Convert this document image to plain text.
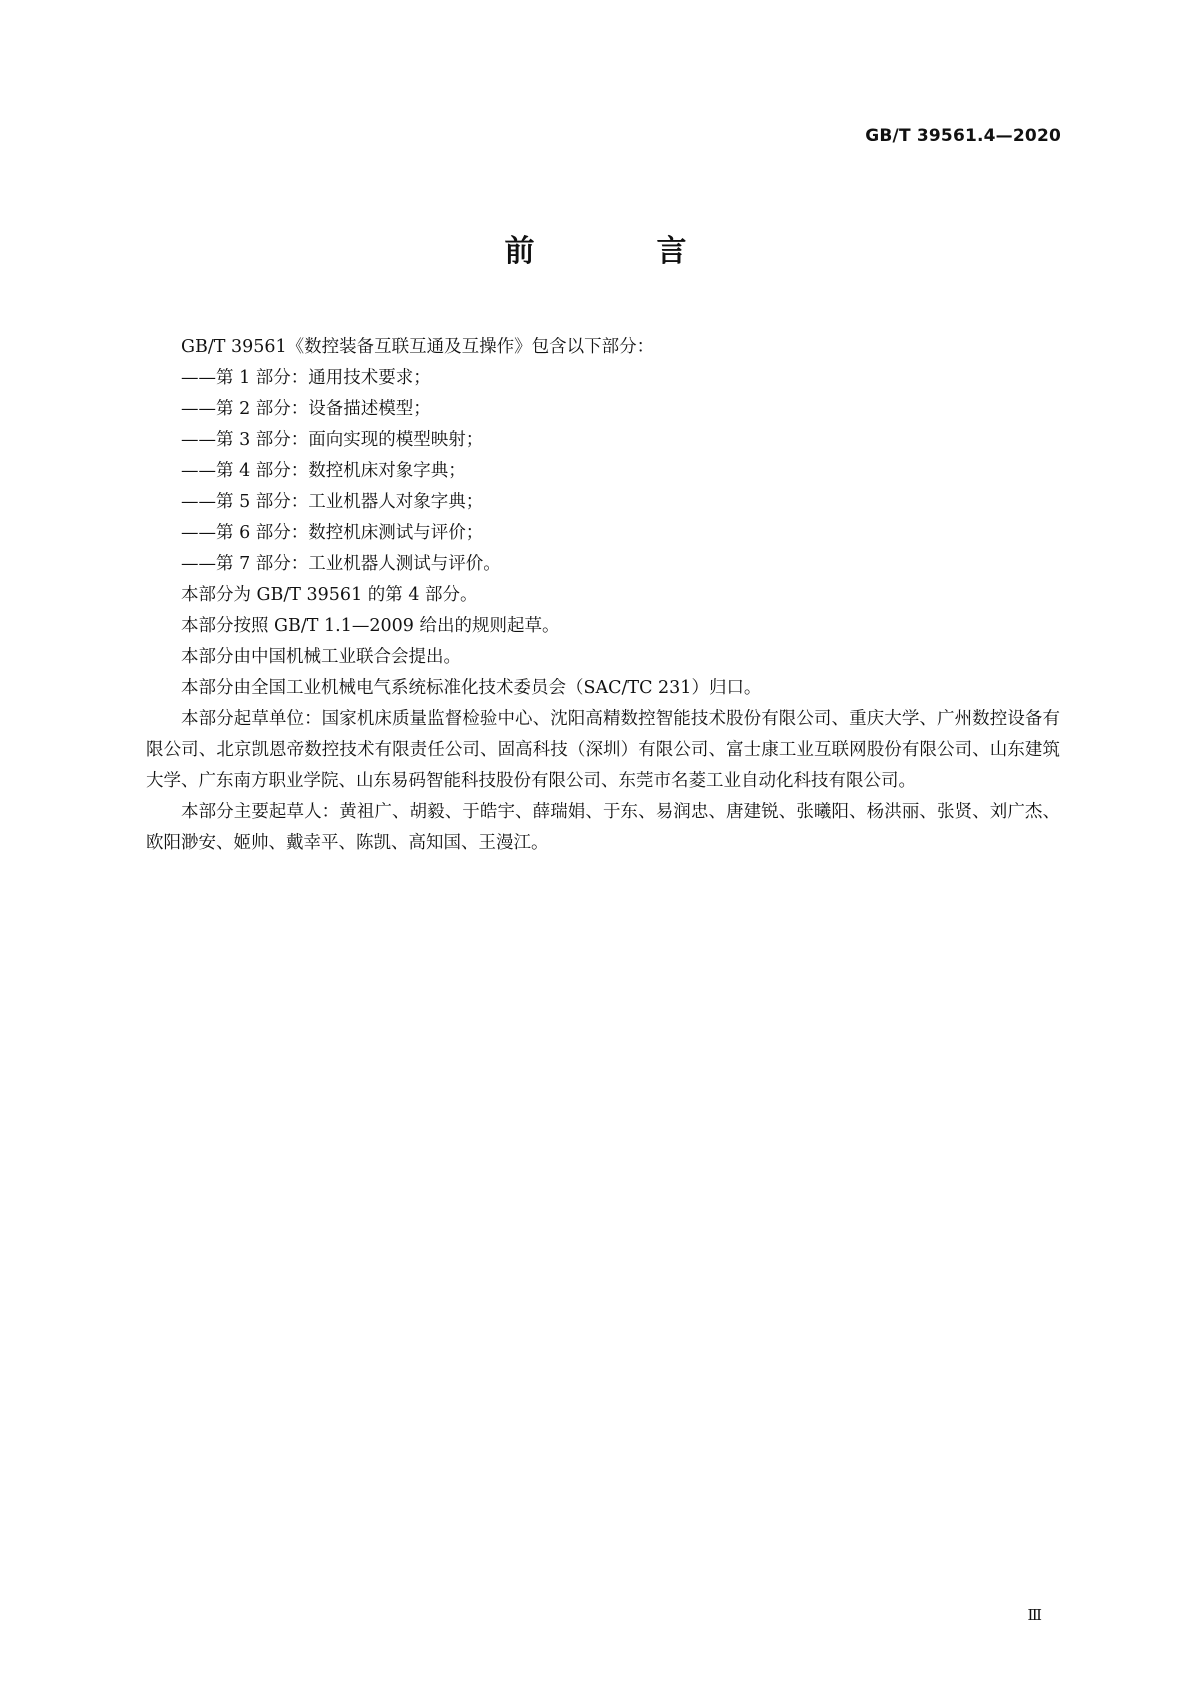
GB/T 39561.4—2020
前　言

GB/T 39561《数控装备互联互通及互操作》包含以下部分：

——第 1 部分：通用技术要求；

——第 2 部分：设备描述模型；

——第 3 部分：面向实现的模型映射；

——第 4 部分：数控机床对象字典；

——第 5 部分：工业机器人对象字典；

——第 6 部分：数控机床测试与评价；

——第 7 部分：工业机器人测试与评价。

本部分为 GB/T 39561 的第 4 部分。

本部分按照 GB/T 1.1—2009 给出的规则起草。

本部分由中国机械工业联合会提出。

本部分由全国工业机械电气系统标准化技术委员会（SAC/TC 231）归口。

本部分起草单位：国家机床质量监督检验中心、沈阳高精数控智能技术股份有限公司、重庆大学、广州数控设备有限公司、北京凯恩帝数控技术有限责任公司、固高科技（深圳）有限公司、富士康工业互联网股份有限公司、山东建筑大学、广东南方职业学院、山东易码智能科技股份有限公司、东莞市名菱工业自动化科技有限公司。

本部分主要起草人：黄祖广、胡毅、于皓宇、薛瑞娟、于东、易润忠、唐建锐、张曦阳、杨洪丽、张贤、刘广杰、欧阳渺安、姬帅、戴幸平、陈凯、高知国、王漫江。

Ⅲ
